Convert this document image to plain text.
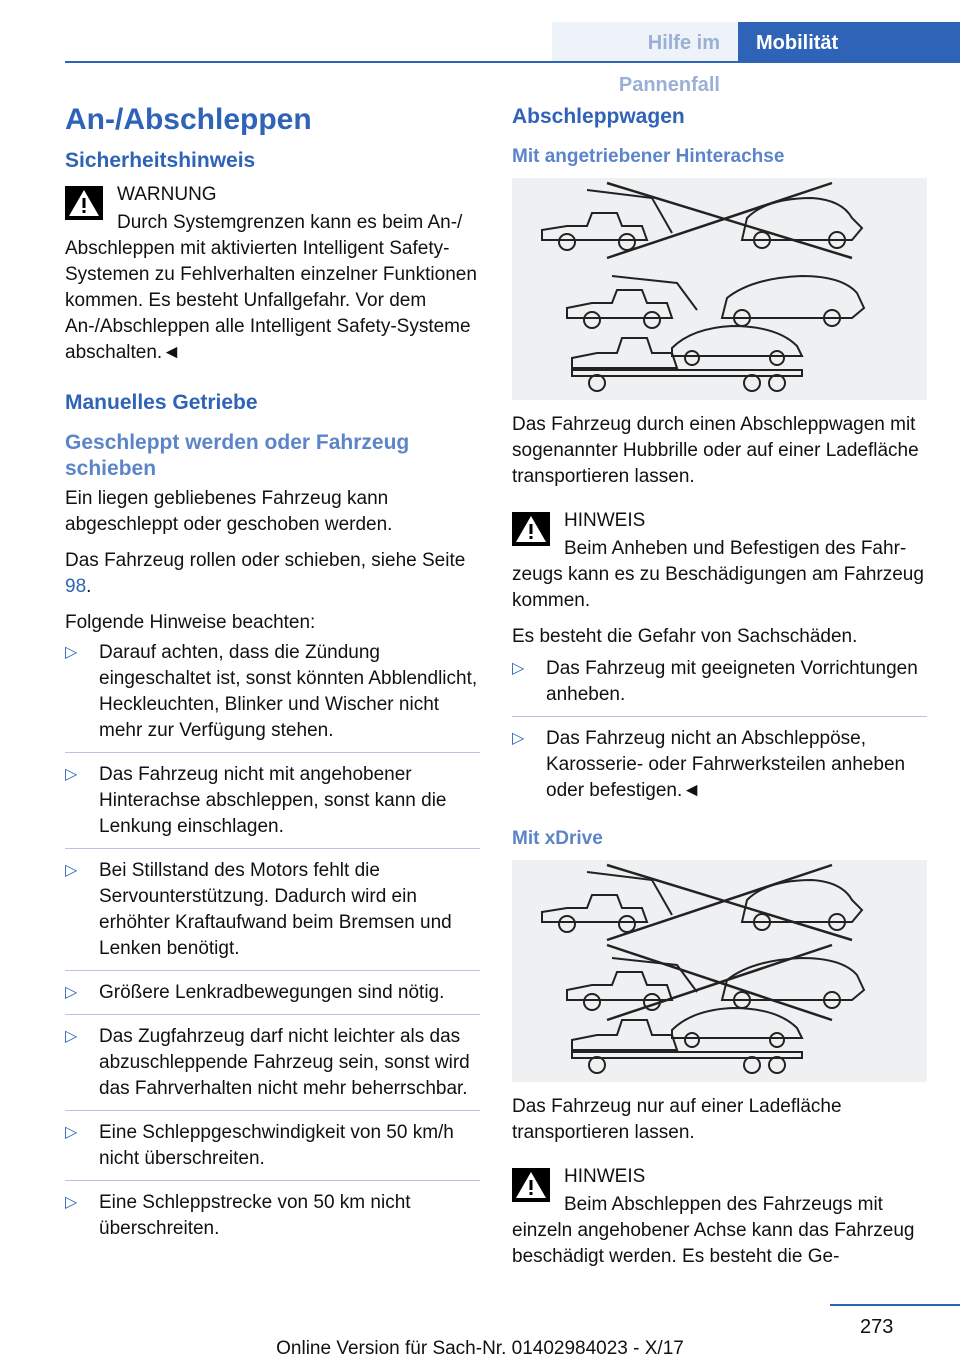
Hilfe im Pannenfall
Mobilität
An-/Abschleppen
Sicherheitshinweis
WARNUNG

Durch Systemgrenzen kann es beim An-/

Abschleppen mit aktivierten Intelligent Safety-Systemen zu Fehlverhalten einzelner Funktionen kommen. Es besteht Unfallgefahr. Vor dem An-/Abschleppen alle Intelligent Safety-Systeme abschalten.◄

Manuelles Getriebe
Geschleppt werden oder Fahrzeug schieben

Ein liegen gebliebenes Fahrzeug kann abgeschleppt oder geschoben werden.

Das Fahrzeug rollen oder schieben, siehe Seite 98.

Folgende Hinweise beachten:

▷ Darauf achten, dass die Zündung eingeschaltet ist, sonst könnten Abblendlicht, Heckleuchten, Blinker und Wischer nicht mehr zur Verfügung stehen.
▷ Das Fahrzeug nicht mit angehobener Hinterachse abschleppen, sonst kann die Lenkung einschlagen.
▷ Bei Stillstand des Motors fehlt die Servounterstützung. Dadurch wird ein erhöhter Kraftaufwand beim Bremsen und Lenken benötigt.
▷ Größere Lenkradbewegungen sind nötig.
▷ Das Zugfahrzeug darf nicht leichter als das abzuschleppende Fahrzeug sein, sonst wird das Fahrverhalten nicht mehr beherrschbar.
▷ Eine Schleppgeschwindigkeit von 50 km/h nicht überschreiten.
▷ Eine Schleppstrecke von 50 km nicht überschreiten.
Abschleppwagen
Mit angetriebener Hinterachse

Das Fahrzeug durch einen Abschleppwagen mit sogenannter Hubbrille oder auf einer Ladefläche transportieren lassen.

HINWEIS

Beim Anheben und Befestigen des Fahr-

zeugs kann es zu Beschädigungen am Fahrzeug kommen.

Es besteht die Gefahr von Sachschäden.

▷ Das Fahrzeug mit geeigneten Vorrichtungen anheben.
▷ Das Fahrzeug nicht an Abschleppöse, Karosserie- oder Fahrwerksteilen anheben oder befestigen.◄
Mit xDrive

Das Fahrzeug nur auf einer Ladefläche transportieren lassen.

HINWEIS

Beim Abschleppen des Fahrzeugs mit

einzeln angehobener Achse kann das Fahrzeug beschädigt werden. Es besteht die Ge-

273
Online Version für Sach-Nr. 01402984023 - X/17
